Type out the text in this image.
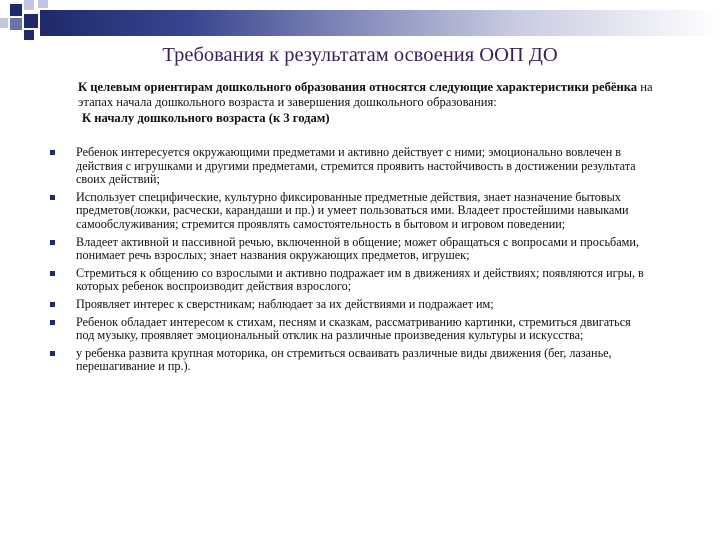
Требования к результатам освоения ООП ДО

К целевым ориентирам дошкольного образования относятся следующие характеристики ребёнка на этапах начала дошкольного возраста и завершения дошкольного образования:

К началу дошкольного возраста (к 3 годам)

Ребенок интересуется окружающими предметами и активно действует с ними; эмоционально вовлечен в действия с игрушками и другими предметами, стремится проявить настойчивость в достижении результата своих действий;
Использует специфические, культурно фиксированные предметные действия, знает назначение бытовых предметов(ложки, расчески, карандаши и пр.) и умеет пользоваться ими. Владеет простейшими навыками самообслуживания; стремится проявлять самостоятельность в бытовом и игровом поведении;
Владеет активной и пассивной речью, включенной в общение; может обращаться с вопросами и просьбами, понимает речь взрослых; знает названия окружающих предметов, игрушек;
Стремиться к общению со взрослыми и активно подражает им в движениях и действиях; появляются игры, в которых ребенок воспроизводит действия взрослого;
Проявляет интерес к сверстникам; наблюдает за их действиями и подражает им;
Ребенок обладает интересом к стихам, песням и сказкам, рассматриванию картинки, стремиться двигаться под музыку, проявляет эмоциональный отклик на различные произведения культуры и искусства;
у ребенка развита крупная моторика, он стремиться осваивать различные виды движения (бег, лазанье, перешагивание и пр.).
